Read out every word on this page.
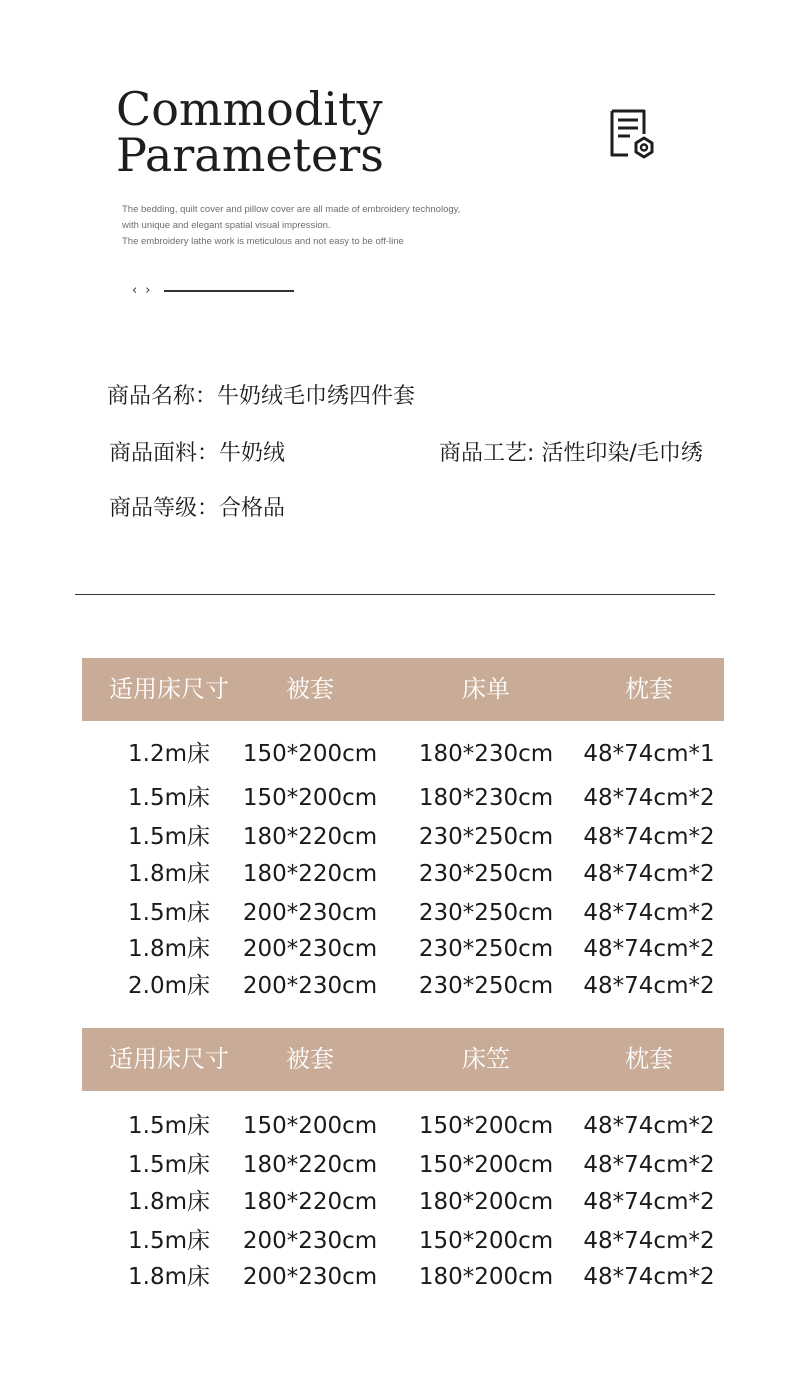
Commodity
Parameters

The bedding, quilt cover and pillow cover are all made of embroidery technology,

with unique and elegant spatial visual impression.

The embroidery lathe work is meticulous and not easy to be off-line

‹ ›
商品名称：牛奶绒毛巾绣四件套
商品面料：牛奶绒	商品工艺: 活性印染/毛巾绣
商品等级：合格品
适用床尺寸 被套	床单	枕套
1.2m床 150*200cm 180*230cm 48*74cm*1
1.5m床 150*200cm 180*230cm 48*74cm*2
1.5m床 180*220cm 230*250cm 48*74cm*2
1.8m床 180*220cm 230*250cm 48*74cm*2
1.5m床 200*230cm 230*250cm 48*74cm*2
1.8m床 200*230cm 230*250cm 48*74cm*2
2.0m床 200*230cm 230*250cm 48*74cm*2
适用床尺寸 被套	床笠	枕套
1.5m床 150*200cm 150*200cm 48*74cm*2
1.5m床 180*220cm 150*200cm 48*74cm*2
1.8m床 180*220cm 180*200cm 48*74cm*2
1.5m床 200*230cm 150*200cm 48*74cm*2
1.8m床 200*230cm 180*200cm 48*74cm*2
